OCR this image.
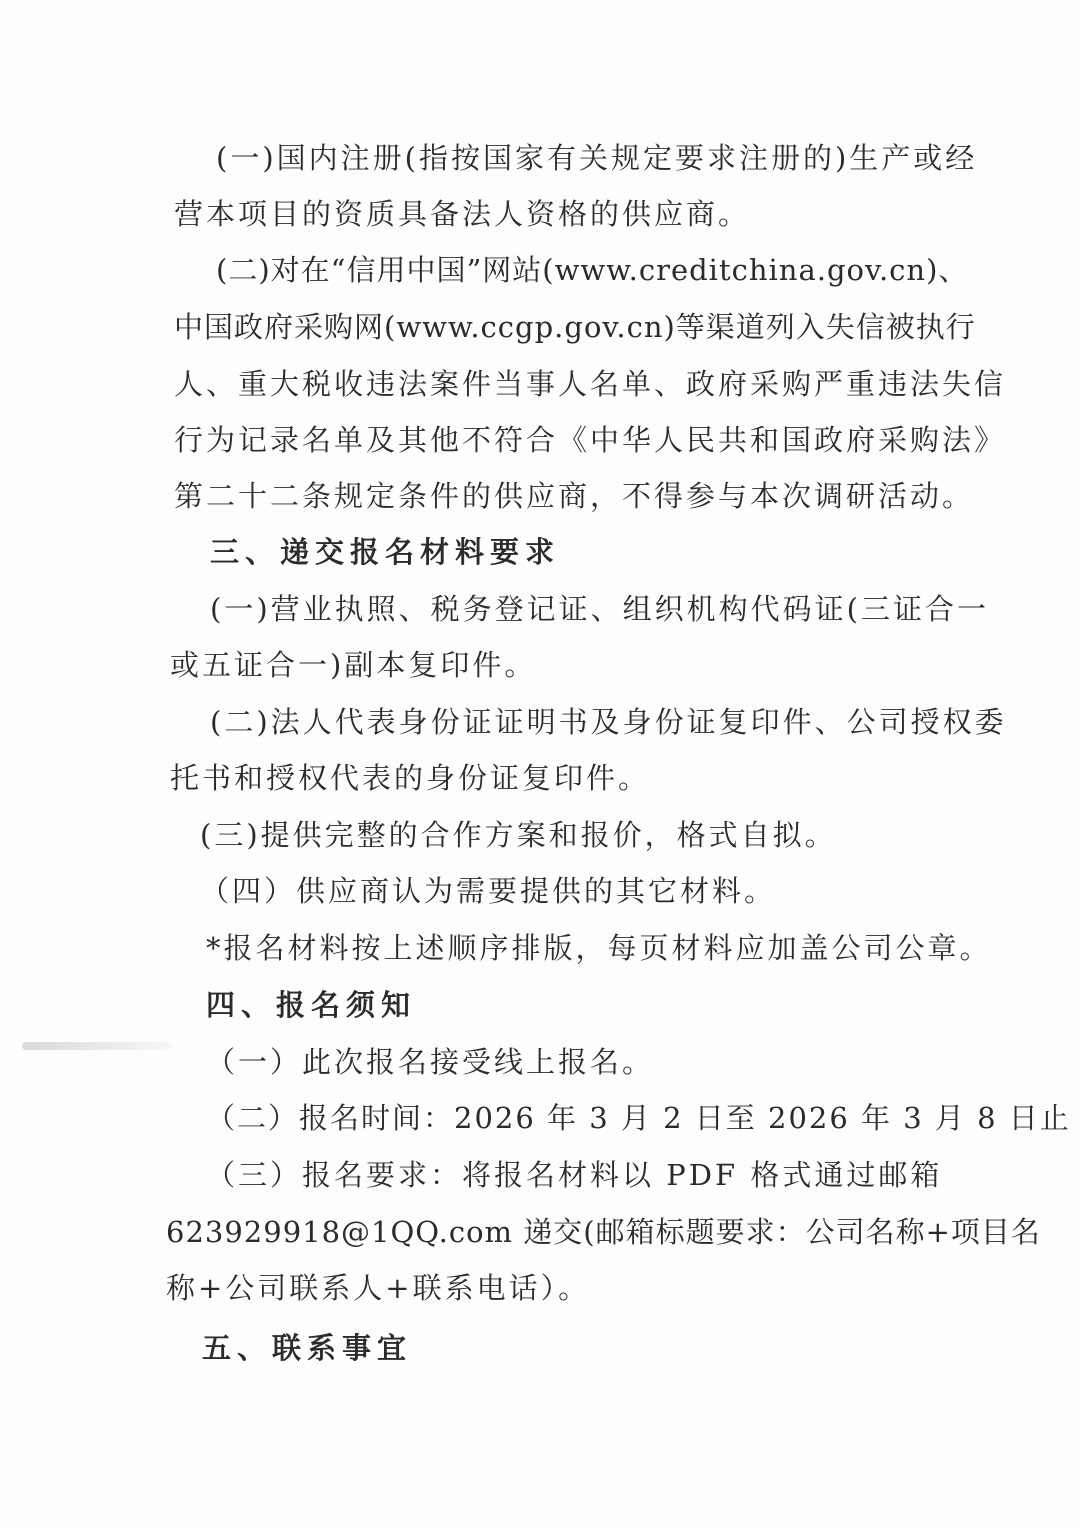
(一)国内注册(指按国家有关规定要求注册的)生产或经
营本项目的资质具备法人资格的供应商。
(二)对在“信用中国”网站(www.creditchina.gov.cn)、
中国政府采购网(www.ccgp.gov.cn)等渠道列入失信被执行
人、重大税收违法案件当事人名单、政府采购严重违法失信
行为记录名单及其他不符合《中华人民共和国政府采购法》
第二十二条规定条件的供应商，不得参与本次调研活动。
三、递交报名材料要求
(一)营业执照、税务登记证、组织机构代码证(三证合一
或五证合一)副本复印件。
(二)法人代表身份证证明书及身份证复印件、公司授权委
托书和授权代表的身份证复印件。
(三)提供完整的合作方案和报价，格式自拟。
（四）供应商认为需要提供的其它材料。
*报名材料按上述顺序排版，每页材料应加盖公司公章。
四、报名须知
（一）此次报名接受线上报名。
（二）报名时间：2026 年 3 月 2 日至 2026 年 3 月 8 日止
（三）报名要求：将报名材料以 PDF 格式通过邮箱
623929918@1QQ.com 递交(邮箱标题要求：公司名称+项目名
称+公司联系人+联系电话）。
五、联系事宜
